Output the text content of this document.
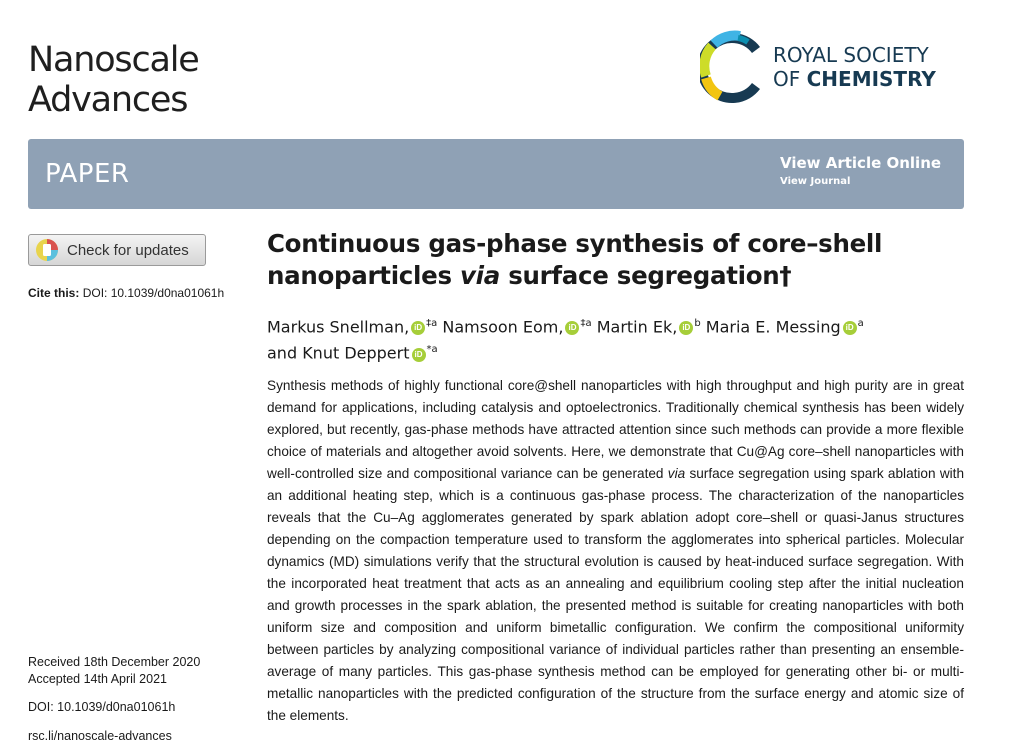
Nanoscale
Advances
ROYAL SOCIETY
OF CHEMISTRY
PAPER	View Article Online
View Journal
Check for updates
Cite this: DOI: 10.1039/d0na01061h
Continuous gas-phase synthesis of core–shell nanoparticles via surface segregation†
Markus Snellman, iD $^{\ddagger a}$ Namsoon Eom, iD $^{\ddagger a}$ Martin Ek, iD $^b$ Maria E. Messing iD $^a$
and Knut Deppert iD $^{*a}$

Synthesis methods of highly functional core@shell nanoparticles with high throughput and high purity are in great demand for applications, including catalysis and optoelectronics. Traditionally chemical synthesis has been widely explored, but recently, gas-phase methods have attracted attention since such methods can provide a more flexible choice of materials and altogether avoid solvents. Here, we demonstrate that Cu@Ag core–shell nanoparticles with well-controlled size and compositional variance can be generated via surface segregation using spark ablation with an additional heating step, which is a continuous gas-phase process. The characterization of the nanoparticles reveals that the Cu–Ag agglomerates generated by spark ablation adopt core–shell or quasi-Janus structures depending on the compaction temperature used to transform the agglomerates into spherical particles. Molecular dynamics (MD) simulations verify that the structural evolution is caused by heat-induced surface segregation. With the incorporated heat treatment that acts as an annealing and equilibrium cooling step after the initial nucleation and growth processes in the spark ablation, the presented method is suitable for creating nanoparticles with both uniform size and composition and uniform bimetallic configuration. We confirm the compositional uniformity between particles by analyzing compositional variance of individual particles rather than presenting an ensemble-average of many particles. This gas-phase synthesis method can be employed for generating other bi- or multi-metallic nanoparticles with the predicted configuration of the structure from the surface energy and atomic size of the elements.

Received 18th December 2020
Accepted 14th April 2021
DOI: 10.1039/d0na01061h
rsc.li/nanoscale-advances
